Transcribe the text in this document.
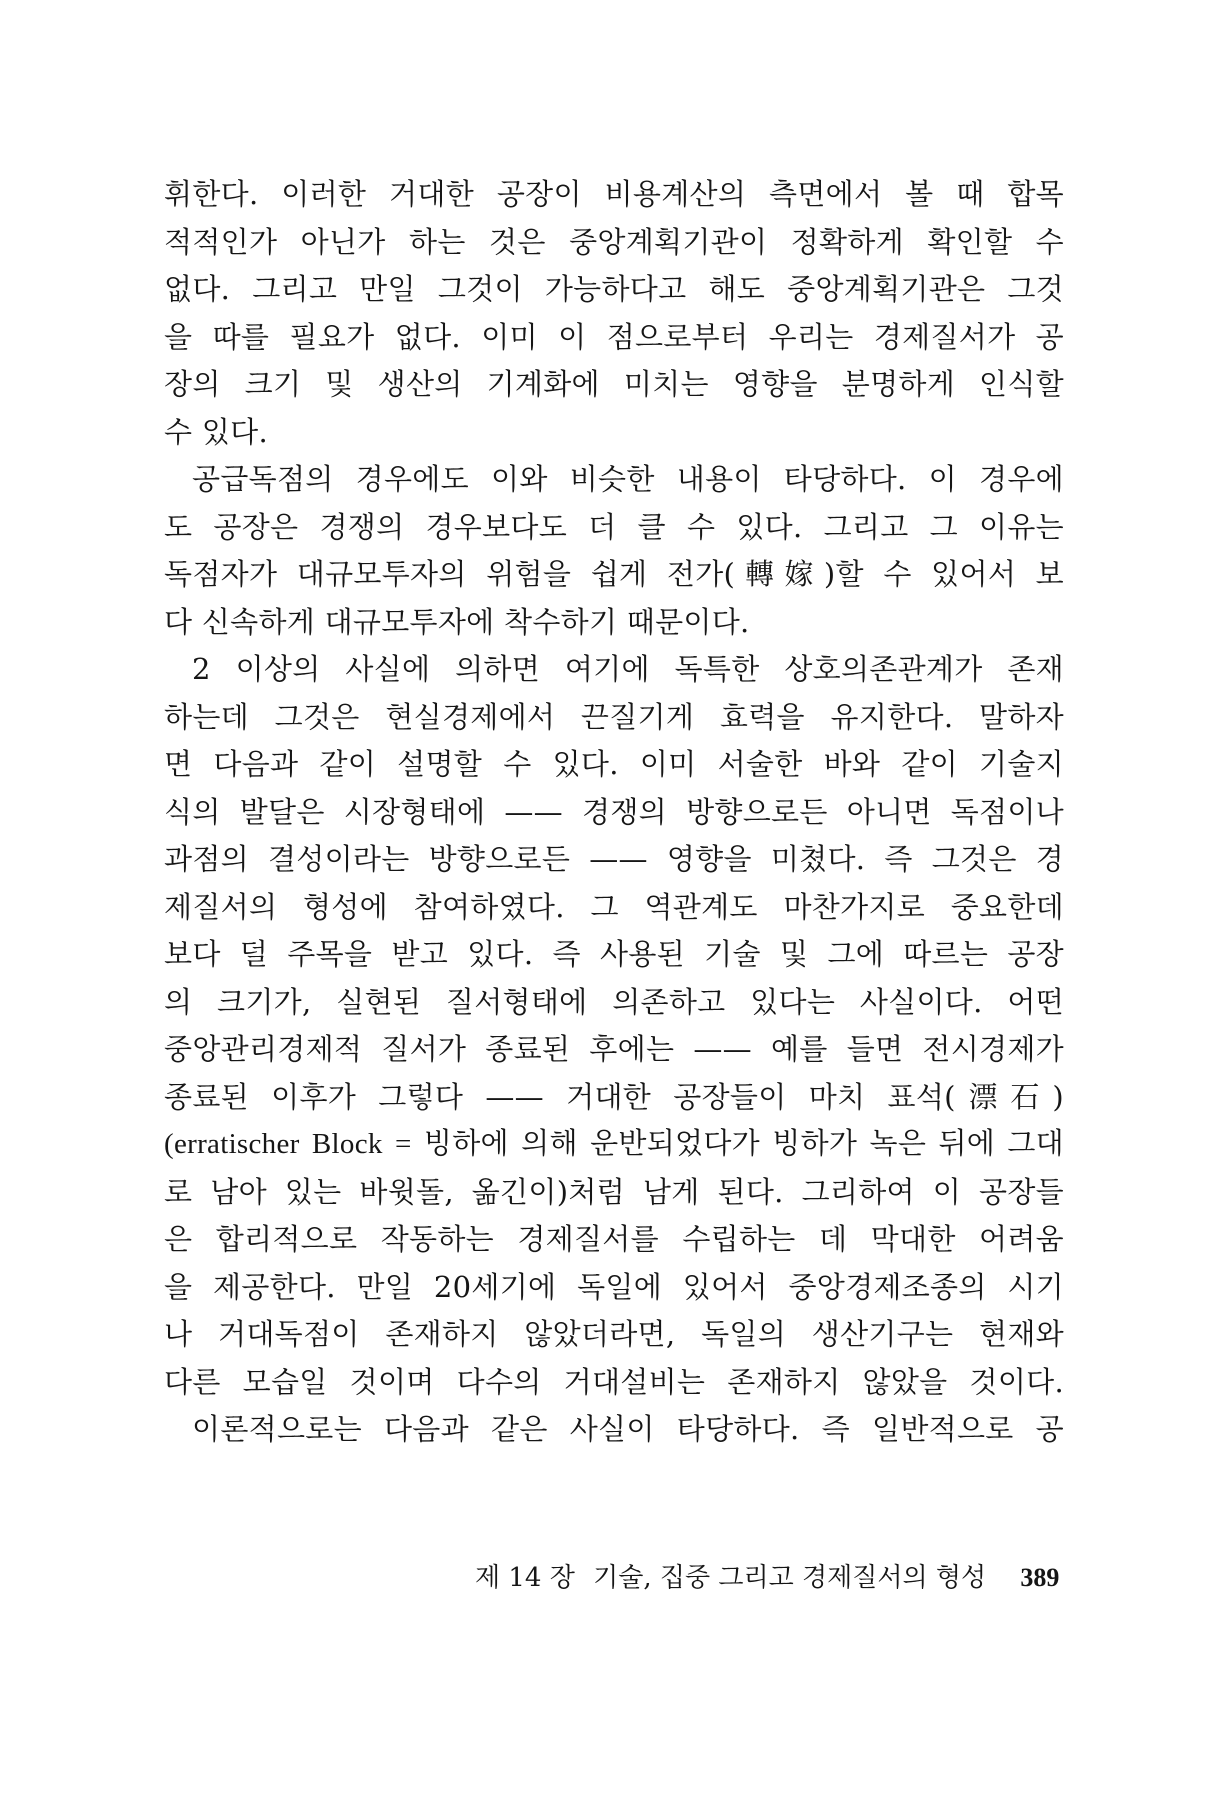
휘한다. 이러한 거대한 공장이 비용계산의 측면에서 볼 때 합목
적적인가 아닌가 하는 것은 중앙계획기관이 정확하게 확인할 수
없다. 그리고 만일 그것이 가능하다고 해도 중앙계획기관은 그것
을 따를 필요가 없다. 이미 이 점으로부터 우리는 경제질서가 공
장의 크기 및 생산의 기계화에 미치는 영향을 분명하게 인식할
수 있다.
공급독점의 경우에도 이와 비슷한 내용이 타당하다. 이 경우에
도 공장은 경쟁의 경우보다도 더 클 수 있다. 그리고 그 이유는
독점자가 대규모투자의 위험을 쉽게 전가(轉嫁)할 수 있어서 보
다 신속하게 대규모투자에 착수하기 때문이다.
2 이상의 사실에 의하면 여기에 독특한 상호의존관계가 존재
하는데 그것은 현실경제에서 끈질기게 효력을 유지한다. 말하자
면 다음과 같이 설명할 수 있다. 이미 서술한 바와 같이 기술지
식의 발달은 시장형태에 —— 경쟁의 방향으로든 아니면 독점이나
과점의 결성이라는 방향으로든 —— 영향을 미쳤다. 즉 그것은 경
제질서의 형성에 참여하였다. 그 역관계도 마찬가지로 중요한데
보다 덜 주목을 받고 있다. 즉 사용된 기술 및 그에 따르는 공장
의 크기가, 실현된 질서형태에 의존하고 있다는 사실이다. 어떤
중앙관리경제적 질서가 종료된 후에는 —— 예를 들면 전시경제가
종료된 이후가 그렇다 —— 거대한 공장들이 마치 표석(漂石)
(erratischer Block = 빙하에 의해 운반되었다가 빙하가 녹은 뒤에 그대
로 남아 있는 바윗돌, 옮긴이)처럼 남게 된다. 그리하여 이 공장들
은 합리적으로 작동하는 경제질서를 수립하는 데 막대한 어려움
을 제공한다. 만일 20세기에 독일에 있어서 중앙경제조종의 시기
나 거대독점이 존재하지 않았더라면, 독일의 생산기구는 현재와
다른 모습일 것이며 다수의 거대설비는 존재하지 않았을 것이다.
이론적으로는 다음과 같은 사실이 타당하다. 즉 일반적으로 공
제 14 장 기술, 집중 그리고 경제질서의 형성 389
